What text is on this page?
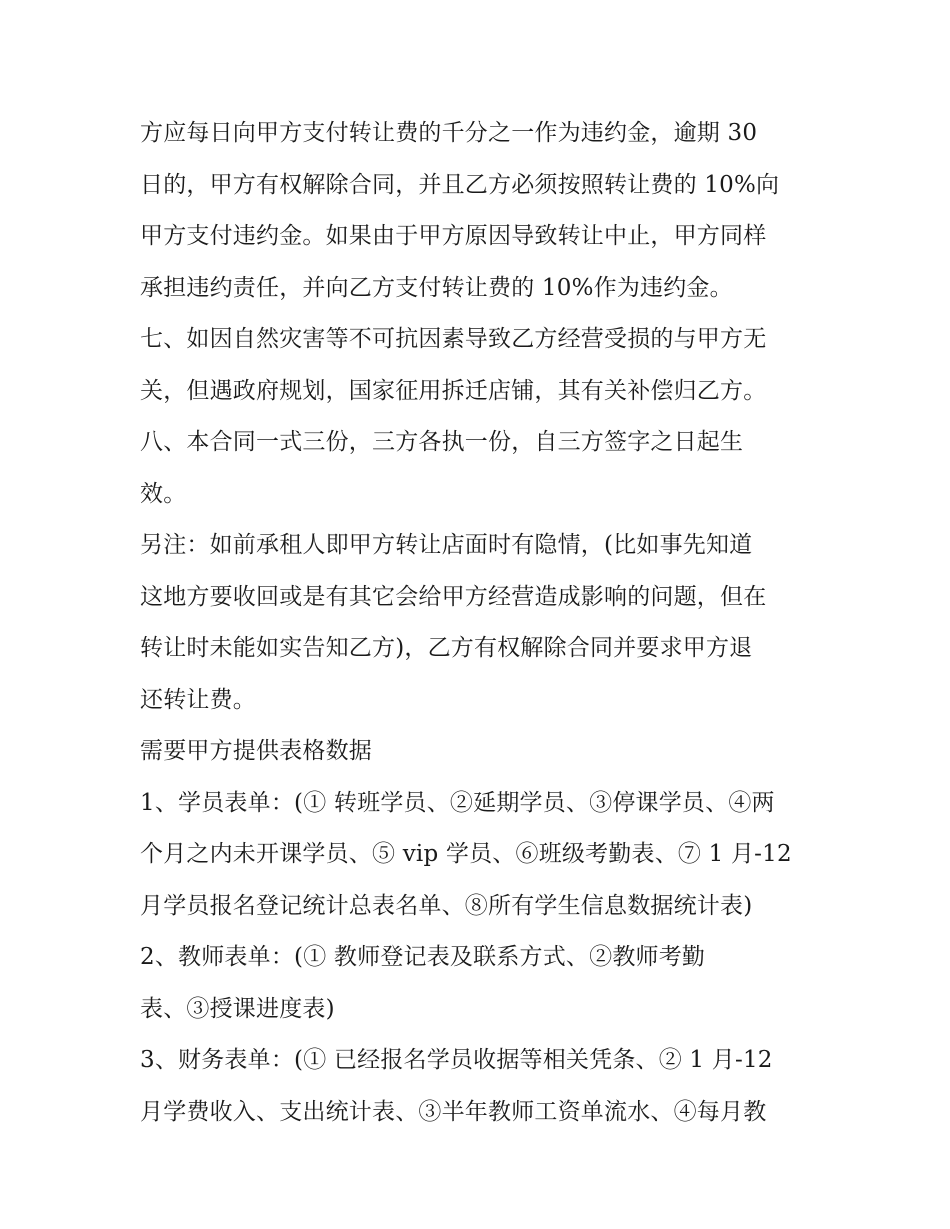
方应每日向甲方支付转让费的千分之一作为违约金，逾期 30
日的，甲方有权解除合同，并且乙方必须按照转让费的 10%向
甲方支付违约金。如果由于甲方原因导致转让中止，甲方同样
承担违约责任，并向乙方支付转让费的 10%作为违约金。
七、如因自然灾害等不可抗因素导致乙方经营受损的与甲方无
关，但遇政府规划，国家征用拆迁店铺，其有关补偿归乙方。
八、本合同一式三份，三方各执一份，自三方签字之日起生
效。
另注：如前承租人即甲方转让店面时有隐情，(比如事先知道
这地方要收回或是有其它会给甲方经营造成影响的问题，但在
转让时未能如实告知乙方)，乙方有权解除合同并要求甲方退
还转让费。
需要甲方提供表格数据
1、学员表单：(① 转班学员、②延期学员、③停课学员、④两
个月之内未开课学员、⑤ vip 学员、⑥班级考勤表、⑦ 1 月-12
月学员报名登记统计总表名单、⑧所有学生信息数据统计表)
2、教师表单：(① 教师登记表及联系方式、②教师考勤
表、③授课进度表)
3、财务表单：(① 已经报名学员收据等相关凭条、② 1 月-12
月学费收入、支出统计表、③半年教师工资单流水、④每月教
